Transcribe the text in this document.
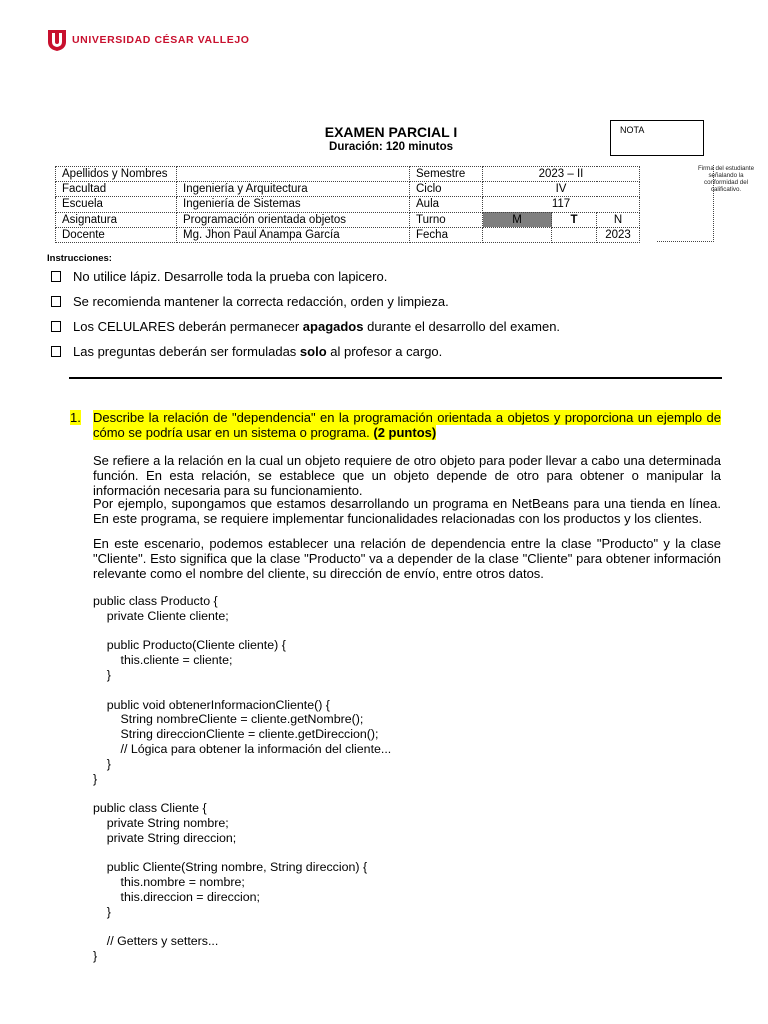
UNIVERSIDAD CÉSAR VALLEJO
EXAMEN PARCIAL I
Duración: 120 minutos
NOTA
Firma del estudiante señalando la conformidad del calificativo.
Apellidos y Nombres		Semestre	2023 – II		
Facultad	Ingeniería y Arquitectura	Ciclo	IV		
Escuela	Ingeniería de Sistemas	Aula	117		
Asignatura	Programación orientada objetos	Turno	M	T	N
Docente	Mg. Jhon Paul Anampa García	Fecha			2023
Instrucciones:
No utilice lápiz. Desarrolle toda la prueba con lapicero.
Se recomienda mantener la correcta redacción, orden y limpieza.
Los CELULARES deberán permanecer apagados durante el desarrollo del examen.
Las preguntas deberán ser formuladas solo al profesor a cargo.
1. Describe la relación de "dependencia" en la programación orientada a objetos y proporciona un ejemplo de cómo se podría usar en un sistema o programa. (2 puntos)
Se refiere a la relación en la cual un objeto requiere de otro objeto para poder llevar a cabo una determinada función. En esta relación, se establece que un objeto depende de otro para obtener o manipular la información necesaria para su funcionamiento.
Por ejemplo, supongamos que estamos desarrollando un programa en NetBeans para una tienda en línea. En este programa, se requiere implementar funcionalidades relacionadas con los productos y los clientes.
En este escenario, podemos establecer una relación de dependencia entre la clase "Producto" y la clase "Cliente". Esto significa que la clase "Producto" va a depender de la clase "Cliente" para obtener información relevante como el nombre del cliente, su dirección de envío, entre otros datos.
public class Producto {
private Cliente cliente;

public Producto(Cliente cliente) {
this.cliente = cliente;
}

public void obtenerInformacionCliente() {
String nombreCliente = cliente.getNombre();
String direccionCliente = cliente.getDireccion();
// Lógica para obtener la información del cliente...
}
}

public class Cliente {
private String nombre;
private String direccion;

public Cliente(String nombre, String direccion) {
this.nombre = nombre;
this.direccion = direccion;
}

// Getters y setters...
}
